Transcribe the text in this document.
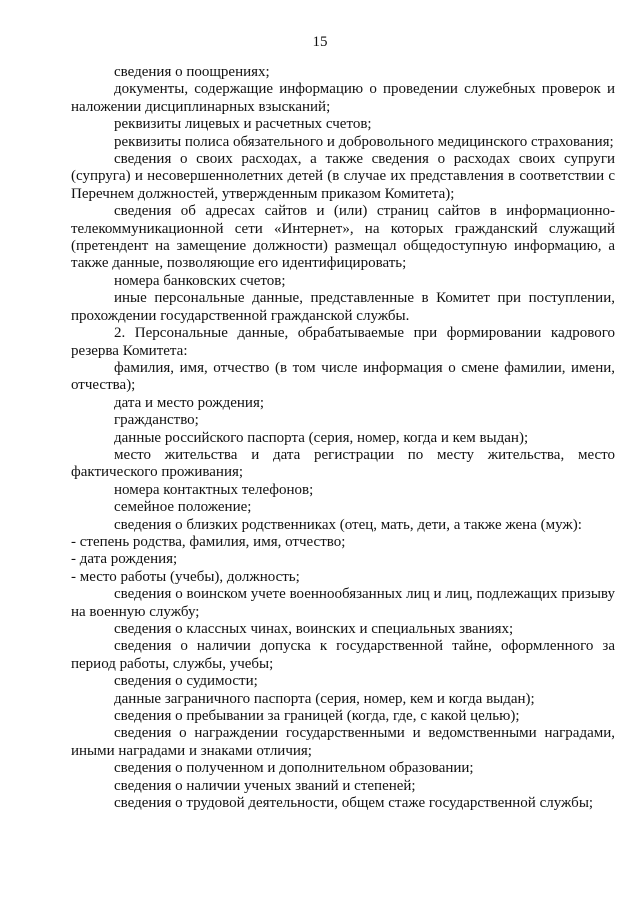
15

сведения о поощрениях;

документы, содержащие информацию о проведении служебных проверок и наложении дисциплинарных взысканий;

реквизиты лицевых и расчетных счетов;

реквизиты полиса обязательного и добровольного медицинского страхования;

сведения о своих расходах, а также сведения о расходах своих супруги (супруга) и несовершеннолетних детей (в случае их представления в соответствии с Перечнем должностей, утвержденным приказом Комитета);

сведения об адресах сайтов и (или) страниц сайтов в информационно-телекоммуникационной сети «Интернет», на которых гражданский служащий (претендент на замещение должности) размещал общедоступную информацию, а также данные, позволяющие его идентифицировать;

номера банковских счетов;

иные персональные данные, представленные в Комитет при поступлении, прохождении государственной гражданской службы.

2. Персональные данные, обрабатываемые при формировании кадрового резерва Комитета:

фамилия, имя, отчество (в том числе информация о смене фамилии, имени, отчества);

дата и место рождения;

гражданство;

данные российского паспорта (серия, номер, когда и кем выдан);

место жительства и дата регистрации по месту жительства, место фактического проживания;

номера контактных телефонов;

семейное положение;

сведения о близких родственниках (отец, мать, дети, а также жена (муж):

- степень родства, фамилия, имя, отчество;

- дата рождения;

- место работы (учебы), должность;

сведения о воинском учете военнообязанных лиц и лиц, подлежащих призыву на военную службу;

сведения о классных чинах, воинских и специальных званиях;

сведения о наличии допуска к государственной тайне, оформленного за период работы, службы, учебы;

сведения о судимости;

данные заграничного паспорта (серия, номер, кем и когда выдан);

сведения о пребывании за границей (когда, где, с какой целью);

сведения о награждении государственными и ведомственными наградами, иными наградами и знаками отличия;

сведения о полученном и дополнительном образовании;

сведения о наличии ученых званий и степеней;

сведения о трудовой деятельности, общем стаже государственной службы;
